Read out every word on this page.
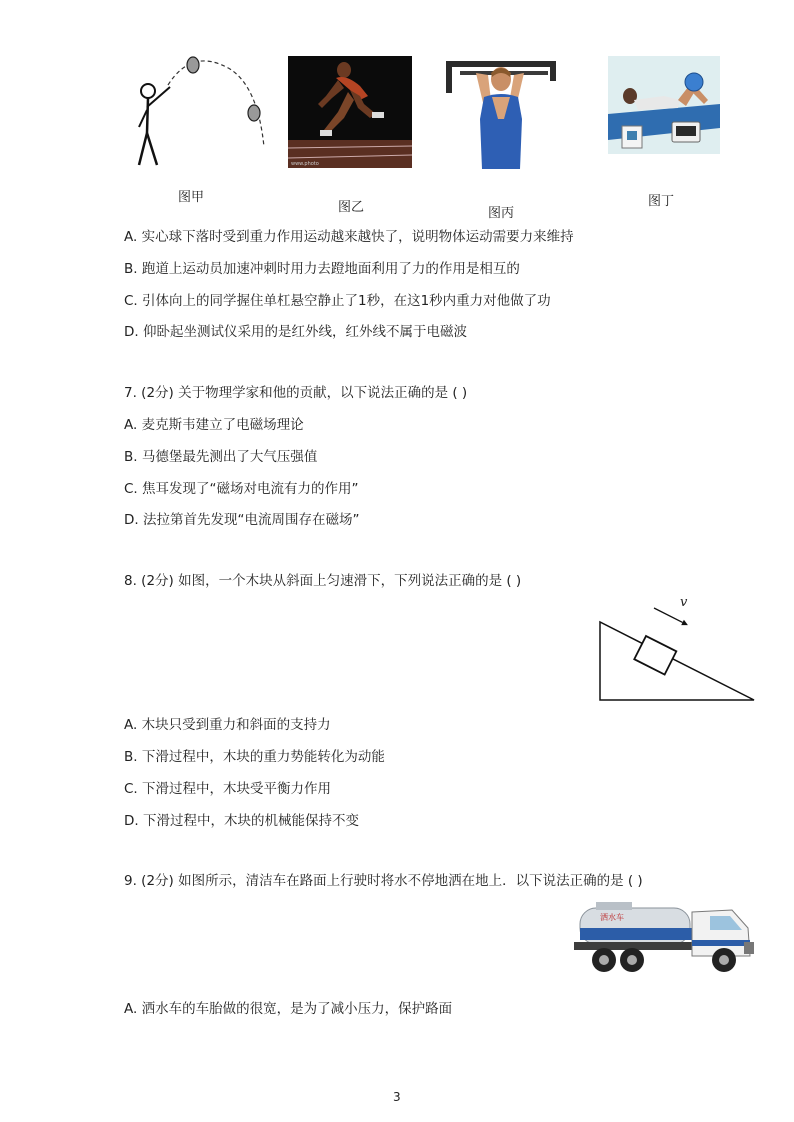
图甲
www.photo
图乙	图丙
图丁
A. 实心球下落时受到重力作用运动越来越快了，说明物体运动需要力来维持
B. 跑道上运动员加速冲刺时用力去蹬地面利用了力的作用是相互的
C. 引体向上的同学握住单杠悬空静止了1秒，在这1秒内重力对他做了功
D. 仰卧起坐测试仪采用的是红外线，红外线不属于电磁波
7. (2分) 关于物理学家和他的贡献，以下说法正确的是 ( )
A. 麦克斯韦建立了电磁场理论
B. 马德堡最先测出了大气压强值
C. 焦耳发现了“磁场对电流有力的作用”
D. 法拉第首先发现“电流周围存在磁场”
8. (2分) 如图，一个木块从斜面上匀速滑下，下列说法正确的是 ( )
v
A. 木块只受到重力和斜面的支持力
B. 下滑过程中，木块的重力势能转化为动能
C. 下滑过程中，木块受平衡力作用
D. 下滑过程中，木块的机械能保持不变
9. (2分) 如图所示，清洁车在路面上行驶时将水不停地洒在地上．以下说法正确的是 ( )
洒水车
A. 洒水车的车胎做的很宽，是为了减小压力，保护路面
3
